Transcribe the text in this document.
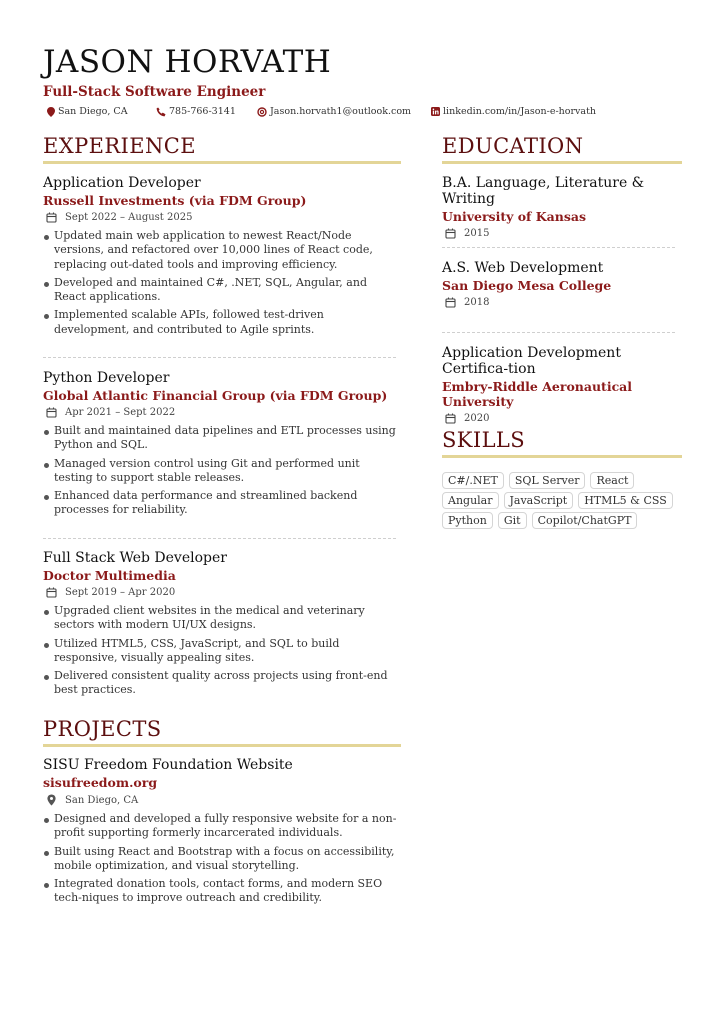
JASON HORVATH
Full-Stack Software Engineer
San Diego, CA	785-766-3141	Jason.horvath1@outlook.com	linkedin.com/in/Jason-e-horvath
EXPERIENCE
Application Developer
Russell Investments (via FDM Group)
Sept 2022 – August 2025
Updated main web application to newest React/Node versions, and refactored over 10,000 lines of React code, replacing out-dated tools and improving efficiency.
Developed and maintained C#, .NET, SQL, Angular, and React applications.
Implemented scalable APIs, followed test-driven development, and contributed to Agile sprints.
Python Developer
Global Atlantic Financial Group (via FDM Group)
Apr 2021 – Sept 2022
Built and maintained data pipelines and ETL processes using Python and SQL.
Managed version control using Git and performed unit testing to support stable releases.
Enhanced data performance and streamlined backend processes for reliability.
Full Stack Web Developer
Doctor Multimedia
Sept 2019 – Apr 2020
Upgraded client websites in the medical and veterinary sectors with modern UI/UX designs.
Utilized HTML5, CSS, JavaScript, and SQL to build responsive, visually appealing sites.
Delivered consistent quality across projects using front-end best practices.
PROJECTS
SISU Freedom Foundation Website
sisufreedom.org
San Diego, CA
Designed and developed a fully responsive website for a non-profit supporting formerly incarcerated individuals.
Built using React and Bootstrap with a focus on accessibility, mobile optimization, and visual storytelling.
Integrated donation tools, contact forms, and modern SEO tech-niques to improve outreach and credibility.
EDUCATION
B.A. Language, Literature & Writing
University of Kansas
2015
A.S. Web Development
San Diego Mesa College
2018
Application Development Certifica-tion
Embry-Riddle Aeronautical University
2020
SKILLS
C#/.NET	SQL Server	React
Angular	JavaScript	HTML5 & CSS
Python	Git	Copilot/ChatGPT
